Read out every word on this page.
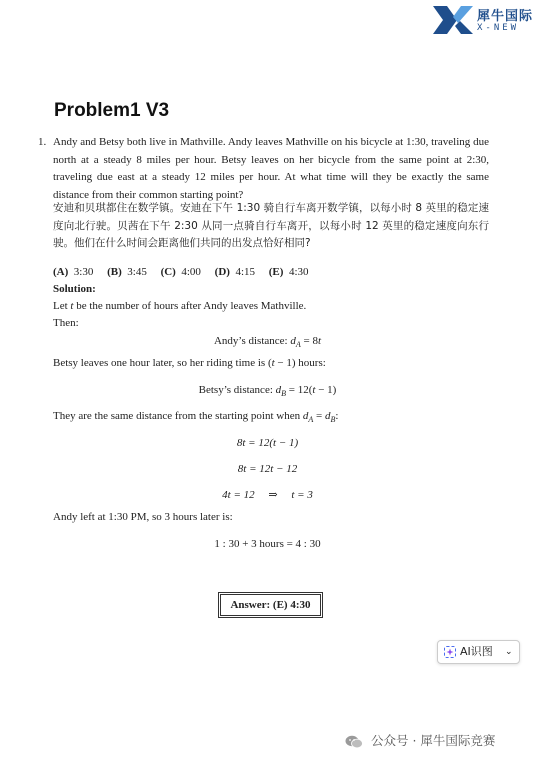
犀牛国际
X-NEW
Problem1 V3
1. Andy and Betsy both live in Mathville. Andy leaves Mathville on his bicycle at 1:30, traveling due north at a steady 8 miles per hour. Betsy leaves on her bicycle from the same point at 2:30, traveling due east at a steady 12 miles per hour. At what time will they be exactly the same distance from their common starting point?
安迪和贝琪都住在数学镇。安迪在下午 1:30 骑自行车离开数学镇，以每小时 8 英里的稳定速度向北行驶。贝茜在下午 2:30 从同一点骑自行车离开，以每小时 12 英里的稳定速度向东行驶。他们在什么时间会距离他们共同的出发点恰好相同?
(A) 3:30 (B) 3:45 (C) 4:00 (D) 4:15 (E) 4:30
Solution:
Let t be the number of hours after Andy leaves Mathville.
Then:
Andy’s distance: $d_A = 8t$
Betsy leaves one hour later, so her riding time is (t − 1) hours:
Betsy’s distance: $d_B = 12(t - 1)$
They are the same distance from the starting point when $d_A = d_B$:
8t = 12(t − 1)
8t = 12t − 12
4t = 12     ⇒     t = 3
Andy left at 1:30 PM, so 3 hours later is:
1 : 30 + 3 hours = 4 : 30
Answer: (E) 4:30
AI识图 ⌄
公众号 · 犀牛国际竞赛
